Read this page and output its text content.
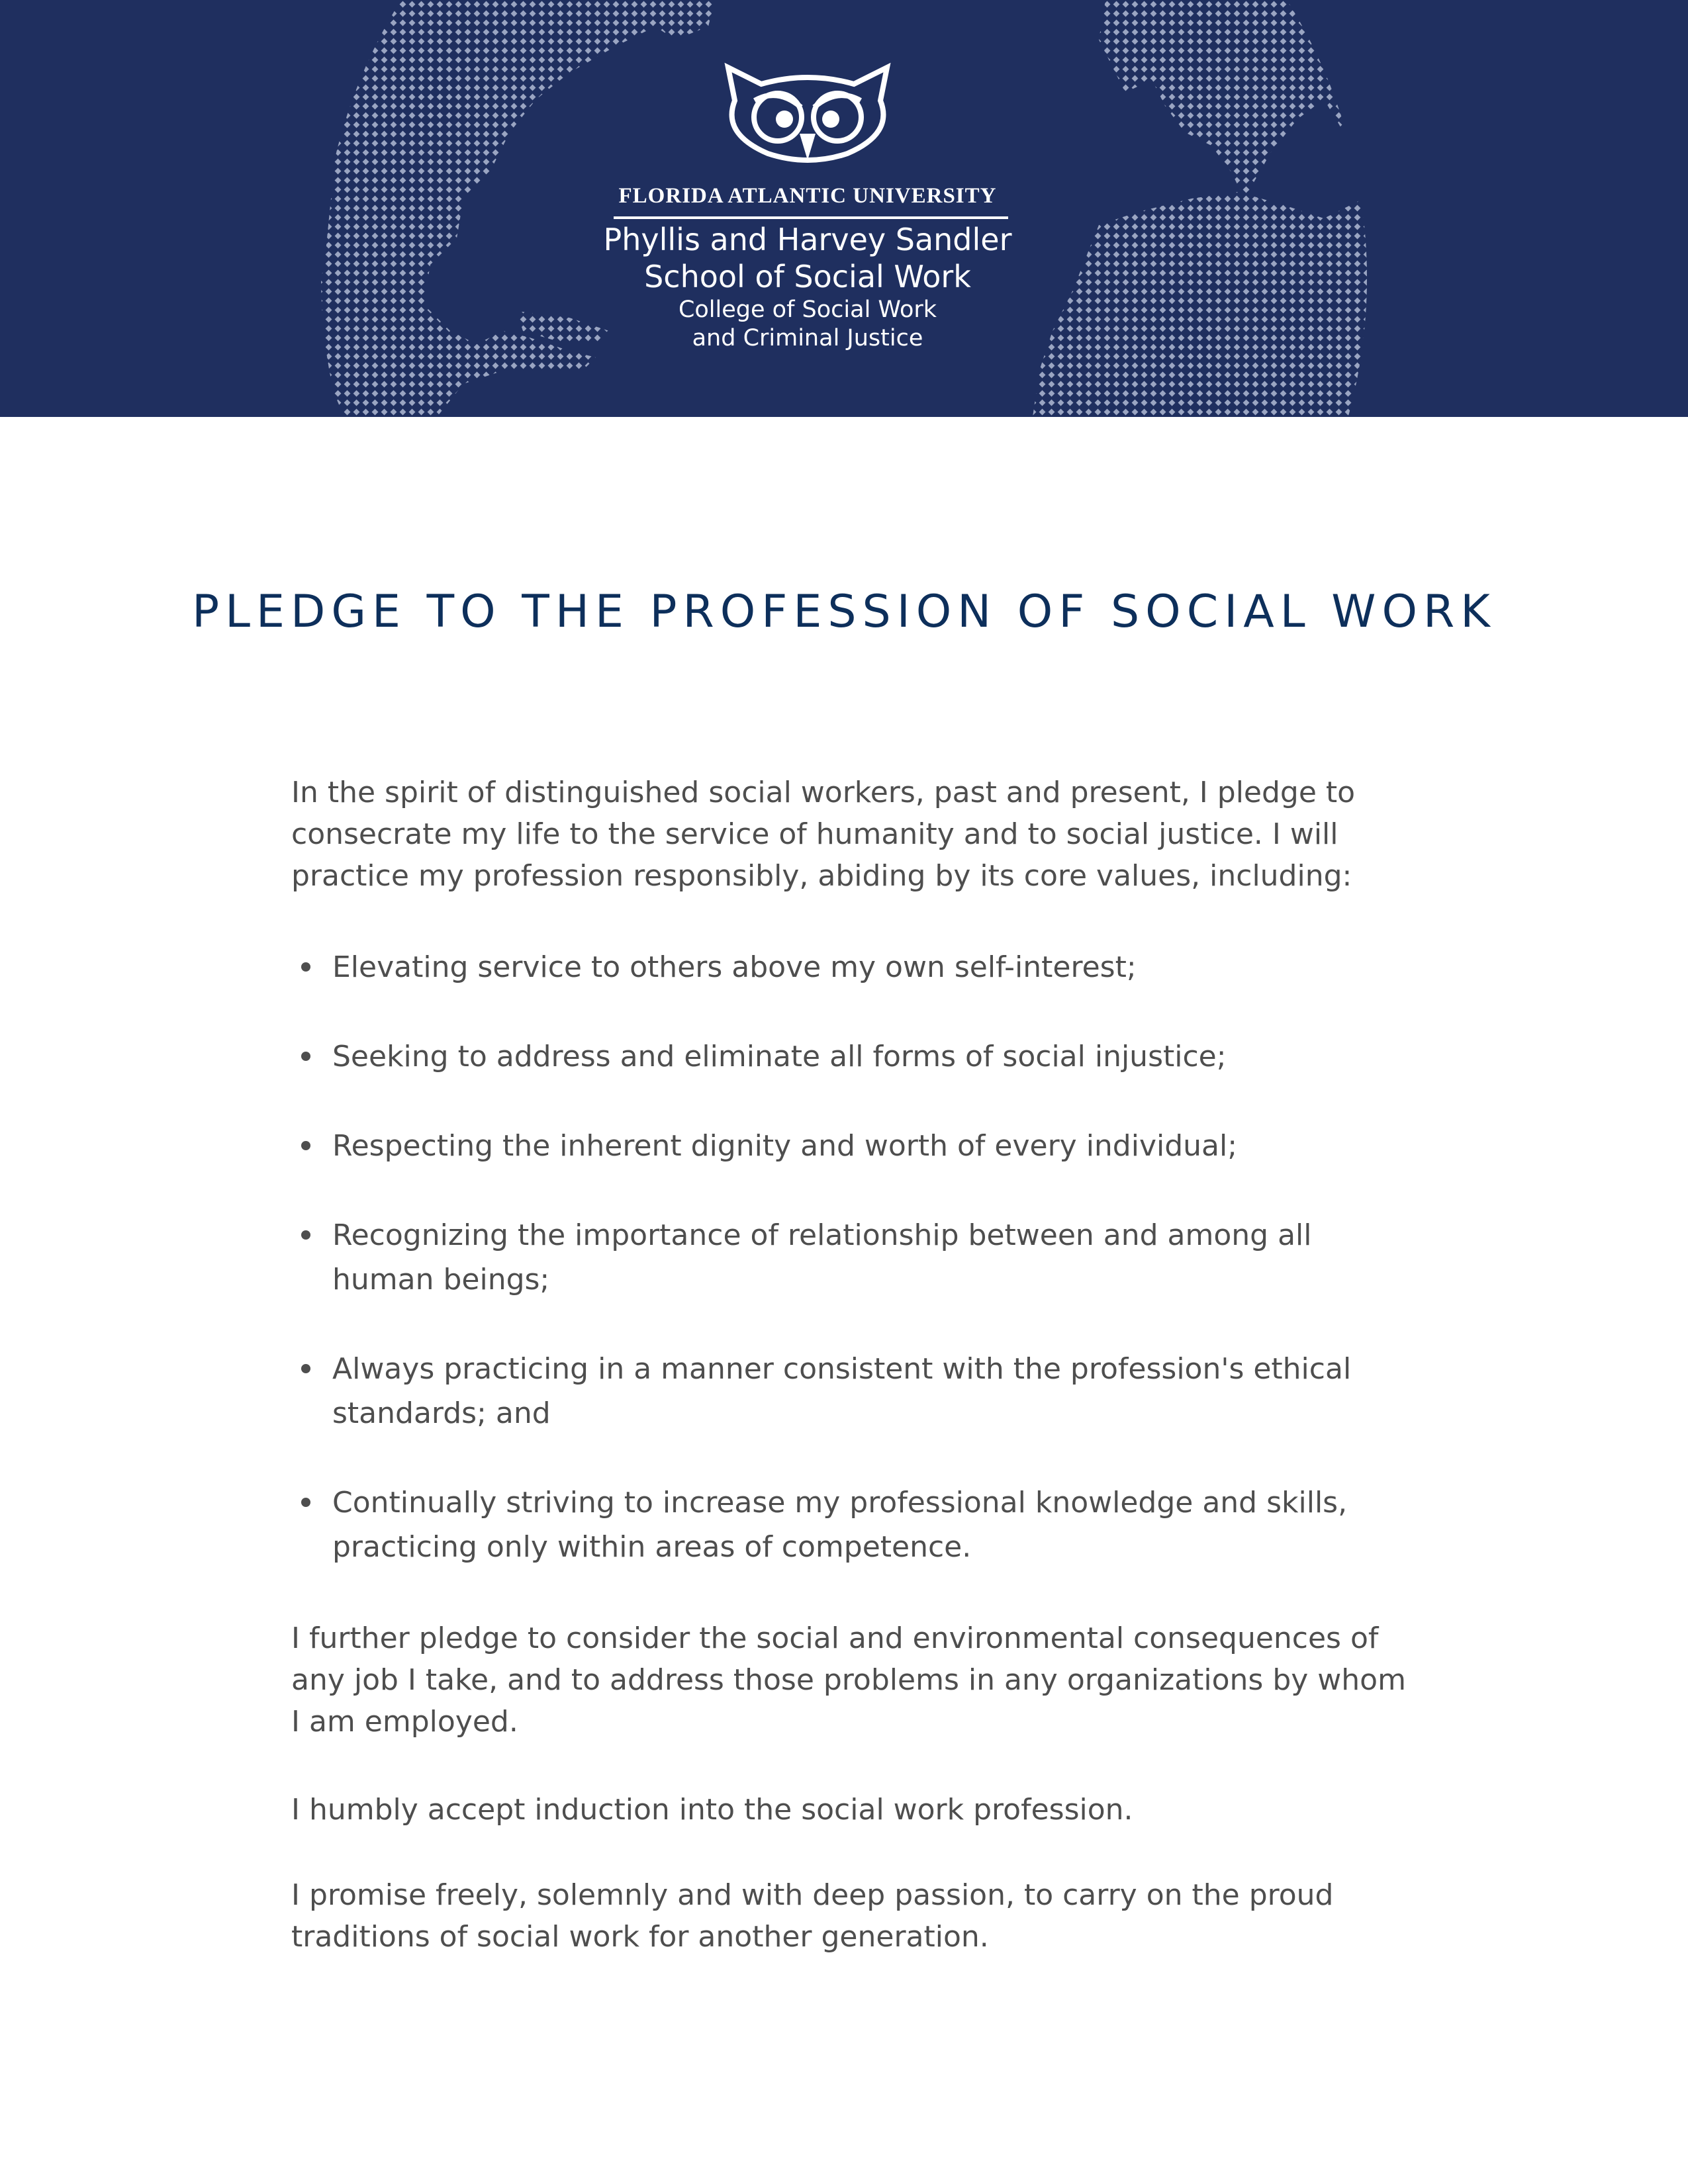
FLORIDA ATLANTIC UNIVERSITY
Phyllis and Harvey Sandler
School of Social Work
College of Social Work
and Criminal Justice
PLEDGE TO THE PROFESSION OF SOCIAL WORK

In the spirit of distinguished social workers, past and present, I pledge to consecrate my life to the service of humanity and to social justice. I will practice my profession responsibly, abiding by its core values, including:

Elevating service to others above my own self-interest;
Seeking to address and eliminate all forms of social injustice;
Respecting the inherent dignity and worth of every individual;
Recognizing the importance of relationship between and among all human beings;
Always practicing in a manner consistent with the profession's ethical standards; and
Continually striving to increase my professional knowledge and skills, practicing only within areas of competence.

I further pledge to consider the social and environmental consequences of any job I take, and to address those problems in any organizations by whom I am employed.

I humbly accept induction into the social work profession.

I promise freely, solemnly and with deep passion, to carry on the proud traditions of social work for another generation.
